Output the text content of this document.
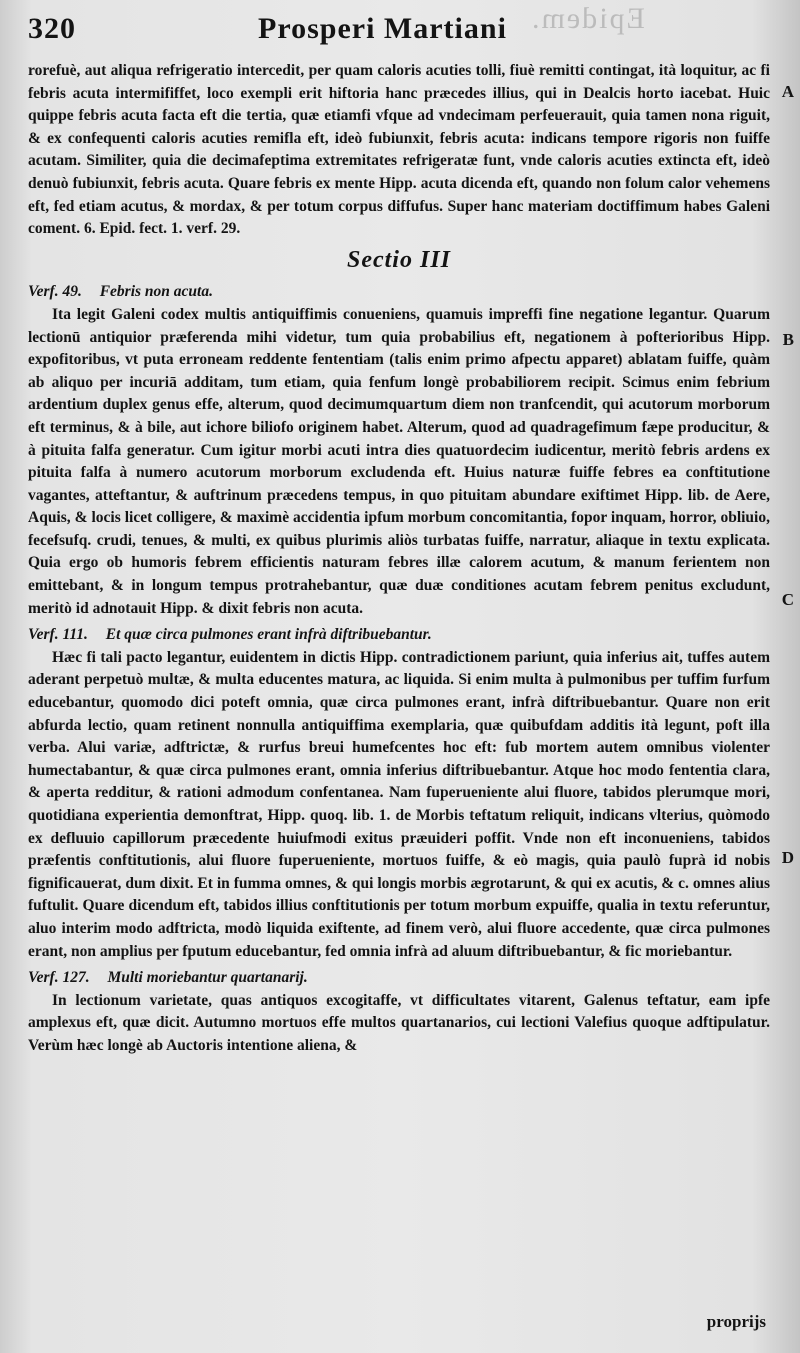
Epidem.
320	Prosperi Martiani
A
B
C
D

rorefuè, aut aliqua refrigeratio intercedit, per quam caloris acuties tolli, fiuè remitti contingat, ità loquitur, ac fi febris acuta intermififfet, loco exempli erit hiftoria hanc præcedes illius, qui in Dealcis horto iacebat. Huic quippe febris acuta facta eft die tertia, quæ etiamfi vfque ad vndecimam perfeuerauit, quia tamen nona riguit, & ex confequenti caloris acuties remifla eft, ideò fubiunxit, febris acuta: indicans tempore rigoris non fuiffe acutam. Similiter, quia die decimafeptima extremitates refrigeratæ funt, vnde caloris acuties extincta eft, ideò denuò fubiunxit, febris acuta. Quare febris ex mente Hipp. acuta dicenda eft, quando non folum calor vehemens eft, fed etiam acutus, & mordax, & per totum corpus diffufus. Super hanc materiam doctiffimum habes Galeni coment. 6. Epid. fect. 1. verf. 29.

Sectio III
Verf. 49. Febris non acuta.

Ita legit Galeni codex multis antiquiffimis conueniens, quamuis impreffi fine negatione legantur. Quarum lectionū antiquior præferenda mihi videtur, tum quia probabilius eft, negationem à pofterioribus Hipp. expofitoribus, vt puta erroneam reddente fententiam (talis enim primo afpectu apparet) ablatam fuiffe, quàm ab aliquo per incuriā additam, tum etiam, quia fenfum longè probabiliorem recipit. Scimus enim febrium ardentium duplex genus effe, alterum, quod decimumquartum diem non tranfcendit, qui acutorum morborum eft terminus, & à bile, aut ichore biliofo originem habet. Alterum, quod ad quadragefimum fæpe producitur, & à pituita falfa generatur. Cum igitur morbi acuti intra dies quatuordecim iudicentur, meritò febris ardens ex pituita falfa à numero acutorum morborum excludenda eft. Huius naturæ fuiffe febres ea conftitutione vagantes, atteftantur, & auftrinum præcedens tempus, in quo pituitam abundare exiftimet Hipp. lib. de Aere, Aquis, & locis licet colligere, & maximè accidentia ipfum morbum concomitantia, fopor inquam, horror, obliuio, fecefsufq. crudi, tenues, & multi, ex quibus plurimis aliòs turbatas fuiffe, narratur, aliaque in textu explicata. Quia ergo ob humoris febrem efficientis naturam febres illæ calorem acutum, & manum ferientem non emittebant, & in longum tempus protrahebantur, quæ duæ conditiones acutam febrem penitus excludunt, meritò id adnotauit Hipp. & dixit febris non acuta.

Verf. 111. Et quæ circa pulmones erant infrà diftribuebantur.

Hæc fi tali pacto legantur, euidentem in dictis Hipp. contradictionem pariunt, quia inferius ait, tuffes autem aderant perpetuò multæ, & multa educentes matura, ac liquida. Si enim multa à pulmonibus per tuffim furfum educebantur, quomodo dici poteft omnia, quæ circa pulmones erant, infrà diftribuebantur. Quare non erit abfurda lectio, quam retinent nonnulla antiquiffima exemplaria, quæ quibufdam additis ità legunt, poft illa verba. Alui variæ, adftrictæ, & rurfus breui humefcentes hoc eft: fub mortem autem omnibus violenter humectabantur, & quæ circa pulmones erant, omnia inferius diftribuebantur. Atque hoc modo fententia clara, & aperta redditur, & rationi admodum confentanea. Nam fuperueniente alui fluore, tabidos plerumque mori, quotidiana experientia demonftrat, Hipp. quoq. lib. 1. de Morbis teftatum reliquit, indicans vlterius, quòmodo ex defluuio capillorum præcedente huiufmodi exitus præuideri poffit. Vnde non eft inconueniens, tabidos præfentis conftitutionis, alui fluore fuperueniente, mortuos fuiffe, & eò magis, quia paulò fuprà id nobis fignificauerat, dum dixit. Et in fumma omnes, & qui longis morbis ægrotarunt, & qui ex acutis, & c. omnes alius fuftulit. Quare dicendum eft, tabidos illius conftitutionis per totum morbum expuiffe, qualia in textu referuntur, aluo interim modo adftricta, modò liquida exiftente, ad finem verò, alui fluore accedente, quæ circa pulmones erant, non amplius per fputum educebantur, fed omnia infrà ad aluum diftribuebantur, & fic moriebantur.

Verf. 127. Multi moriebantur quartanarij.

In lectionum varietate, quas antiquos excogitaffe, vt difficultates vitarent, Galenus teftatur, eam ipfe amplexus eft, quæ dicit. Autumno mortuos effe multos quartanarios, cui lectioni Valefius quoque adftipulatur. Verùm hæc longè ab Auctoris intentione aliena, &

proprijs
